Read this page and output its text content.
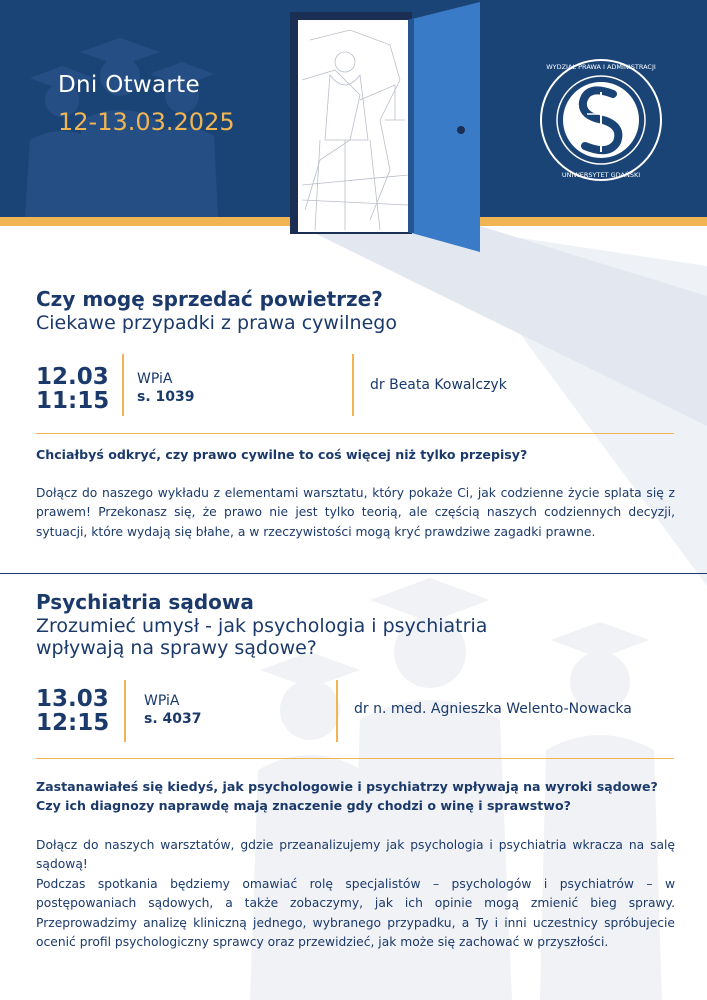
Dni Otwarte
12-13.03.2025
WYDZIAŁ PRAWA I ADMINISTRACJI
UNIWERSYTET GDAŃSKI
Czy mogę sprzedać powietrze?
Ciekawe przypadki z prawa cywilnego
12.03
11:15
WPiA
s. 1039
dr Beata Kowalczyk

Chciałbyś odkryć, czy prawo cywilne to coś więcej niż tylko przepisy?

Dołącz do naszego wykładu z elementami warsztatu, który pokaże Ci, jak codzienne życie splata się z prawem! Przekonasz się, że prawo nie jest tylko teorią, ale częścią naszych codziennych decyzji, sytuacji, które wydają się błahe, a w rzeczywistości mogą kryć prawdziwe zagadki prawne.

Psychiatria sądowa
Zrozumieć umysł - jak psychologia i psychiatria
wpływają na sprawy sądowe?
13.03
12:15
WPiA
s. 4037
dr n. med. Agnieszka Welento-Nowacka

Zastanawiałeś się kiedyś, jak psychologowie i psychiatrzy wpływają na wyroki sądowe?

Czy ich diagnozy naprawdę mają znaczenie gdy chodzi o winę i sprawstwo?

Dołącz do naszych warsztatów, gdzie przeanalizujemy jak psychologia i psychiatria wkracza na salę sądową!

Podczas spotkania będziemy omawiać rolę specjalistów – psychologów i psychiatrów – w postępowaniach sądowych, a także zobaczymy, jak ich opinie mogą zmienić bieg sprawy. Przeprowadzimy analizę kliniczną jednego, wybranego przypadku, a Ty i inni uczestnicy spróbujecie ocenić profil psychologiczny sprawcy oraz przewidzieć, jak może się zachować w przyszłości.
